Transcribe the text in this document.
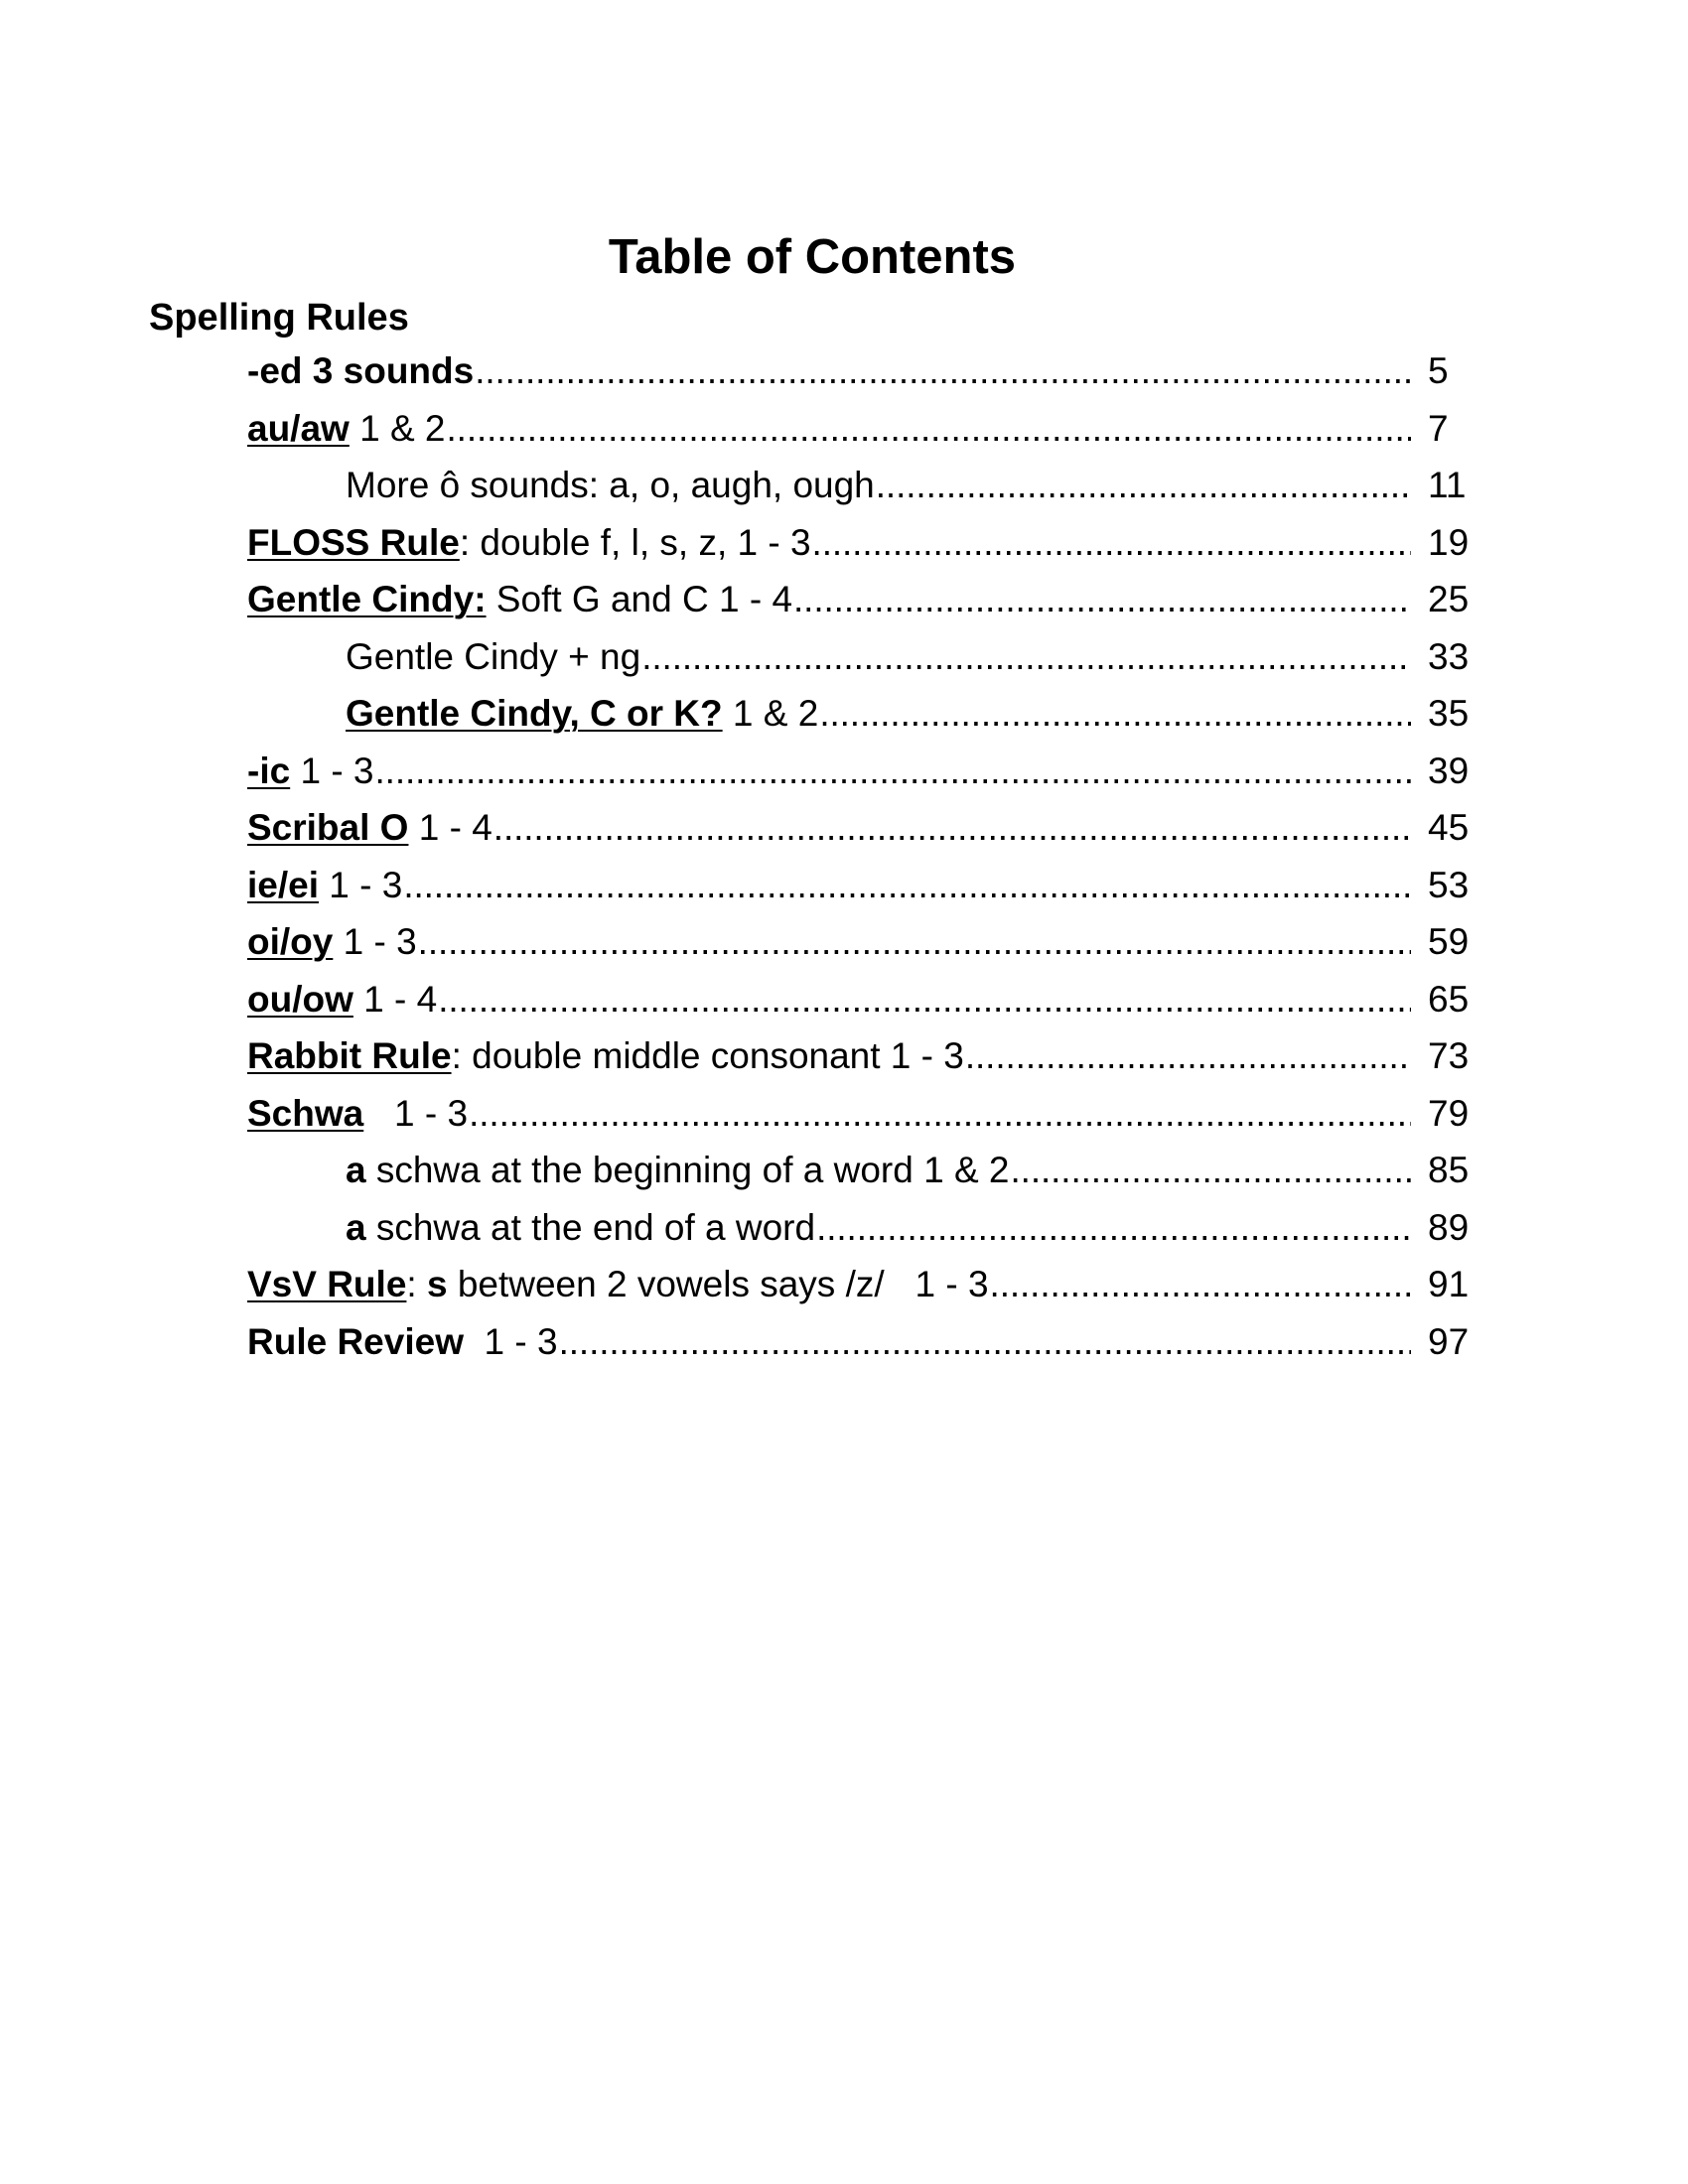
Table of Contents
Spelling Rules
-ed 3 sounds . . .	5
au/aw 1 & 2 . . .	7
More ô sounds: a, o, augh, ough . . .	11
FLOSS Rule: double f, l, s, z, 1 - 3 . . .	19
Gentle Cindy: Soft G and C 1 - 4 . . .	25
Gentle Cindy + ng . . .	33
Gentle Cindy, C or K? 1 & 2 . . .	35
-ic 1 - 3 . . .	39
Scribal O 1 - 4 . . .	45
ie/ei 1 - 3 . . .	53
oi/oy 1 - 3 . . .	59
ou/ow 1 - 4 . . .	65
Rabbit Rule: double middle consonant 1 - 3 . . .	73
Schwa   1 - 3 . . .	79
a schwa at the beginning of a word 1 & 2 . . .	85
a schwa at the end of a word . . .	89
VsV Rule: s between 2 vowels says /z/   1 - 3 . . .	91
Rule Review  1 - 3 . . .	97
